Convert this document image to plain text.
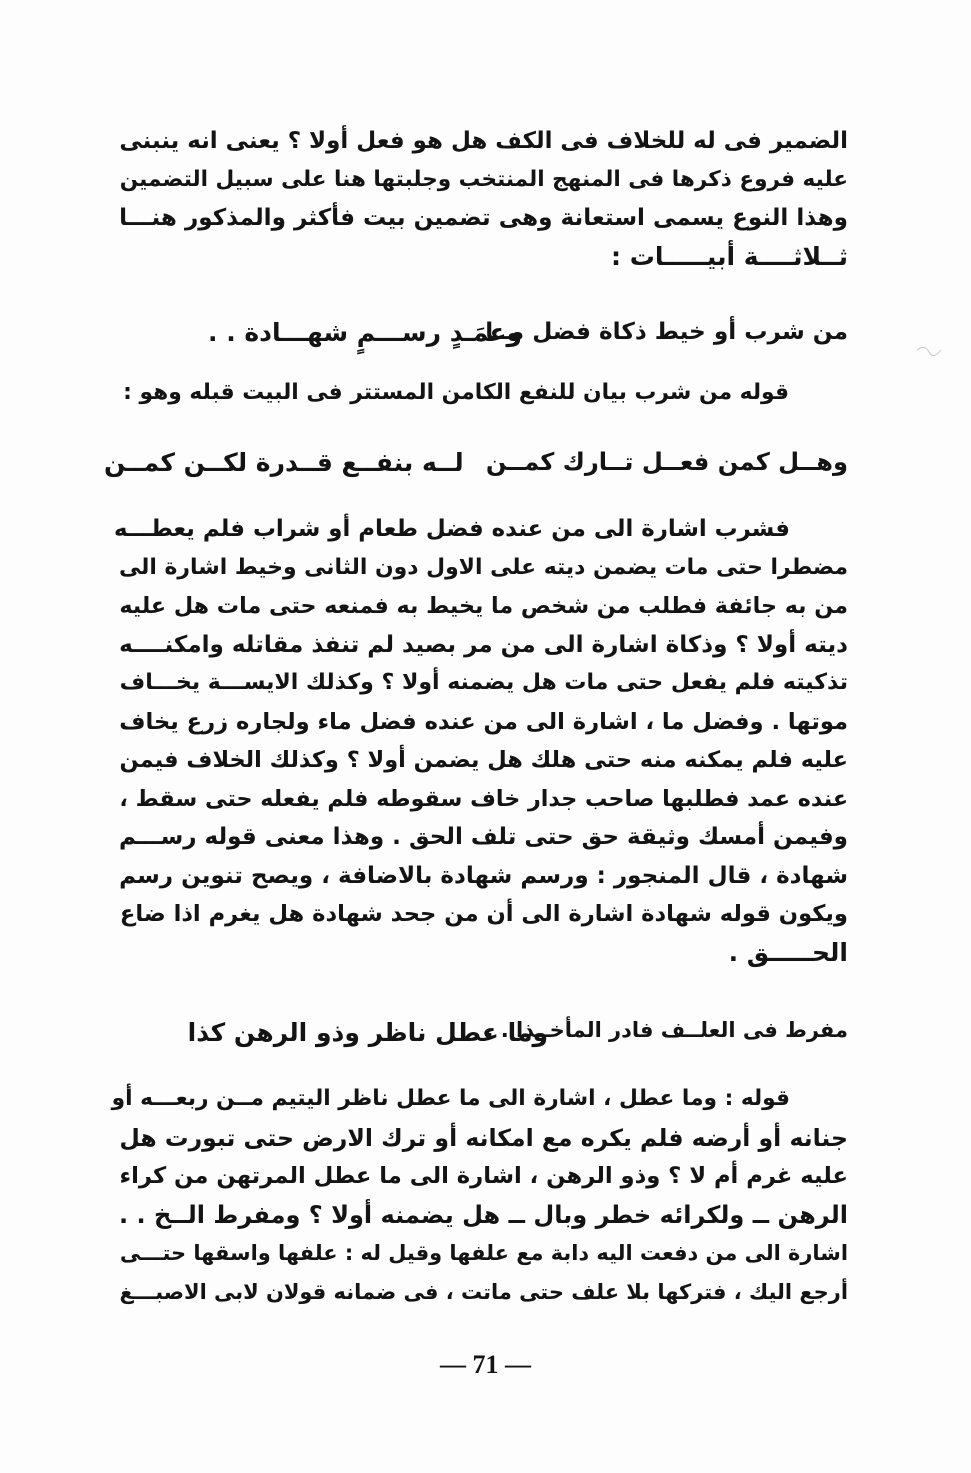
الضمير فى له للخلاف فى الكف هل هو فعل أولا ؟ يعنى انه ينبنى
عليه فروع ذكرها فى المنهج المنتخب وجلبتها هنا على سبيل التضمين
وهذا النوع يسمى استعانة وهى تضمين بيت فأكثر والمذكور هنـــا
ثــلاثــــة أبيـــــات :
من شرب أو خيط ذكاة فضل مــا
وعمَـدٍ رســـمٍ شهـــادة . .
قوله من شرب بيان للنفع الكامن المستتر فى البيت قبله وهو :
وهــل كمن فعــل تــارك كمــن
لــه بنفــع قــدرة لكــن كمــن
فشرب اشارة الى من عنده فضل طعام أو شراب فلم يعطـــه
مضطرا حتى مات يضمن ديته على الاول دون الثانى وخيط اشارة الى
من به جائفة فطلب من شخص ما يخيط به فمنعه حتى مات هل عليه
ديته أولا ؟ وذكاة اشارة الى من مر بصيد لم تنفذ مقاتله وامكنــــه
تذكيته فلم يفعل حتى مات هل يضمنه أولا ؟ وكذلك الايســـة يخـــاف
موتها . وفضل ما ، اشارة الى من عنده فضل ماء ولجاره زرع يخاف
عليه فلم يمكنه منه حتى هلك هل يضمن أولا ؟ وكذلك الخلاف فيمن
عنده عمد فطلبها صاحب جدار خاف سقوطه فلم يفعله حتى سقط ،
وفيمن أمسك وثيقة حق حتى تلف الحق . وهذا معنى قوله رســـم
شهادة ، قال المنجور : ورسم شهادة بالاضافة ، ويصح تنوين رسم
ويكون قوله شهادة اشارة الى أن من جحد شهادة هل يغرم اذا ضاع
الحـــــق .
وما عطل ناظر وذو الرهن كذا
مفرط فى العلــف فادر المأخــذا . .
قوله : وما عطل ، اشارة الى ما عطل ناظر اليتيم مــن ربعـــه أو
جنانه أو أرضه فلم يكره مع امكانه أو ترك الارض حتى تبورت هل
عليه غرم أم لا ؟ وذو الرهن ، اشارة الى ما عطل المرتهن من كراء
الرهن ــ ولكرائه خطر وبال ــ هل يضمنه أولا ؟ ومفرط الــخ . .
اشارة الى من دفعت اليه دابة مع علفها وقيل له : علفها واسقها حتـــى
أرجع اليك ، فتركها بلا علف حتى ماتت ، فى ضمانه قولان لابى الاصبـــغ
— 71 —
